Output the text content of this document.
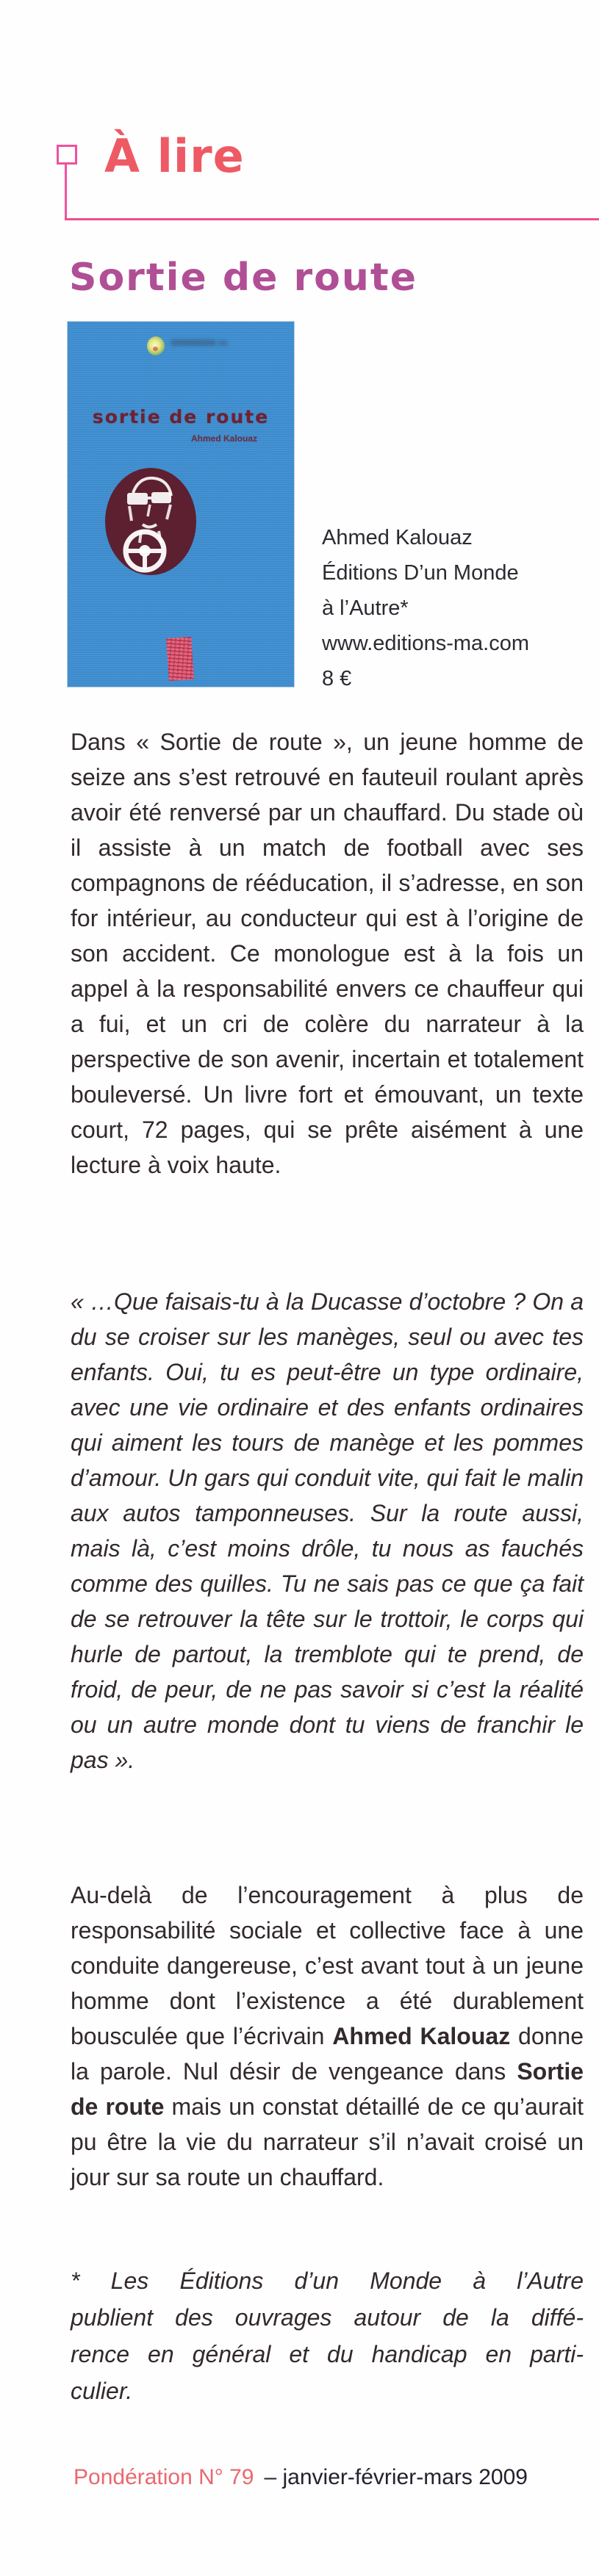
À lire
Sortie de route
sortie de route
Ahmed Kalouaz
Ahmed Kalouaz
Éditions D’un Monde
à l’Autre*
www.editions-ma.com
8 €

Dans « Sortie de route », un jeune homme de seize ans s’est retrouvé en fauteuil roulant après avoir été renversé par un chauffard. Du stade où il assiste à un match de football avec ses compagnons de rééducation, il s’adresse, en son for intérieur, au conducteur qui est à l’origine de son accident. Ce monologue est à la fois un appel à la responsabilité envers ce chauffeur qui a fui, et un cri de colère du narrateur à la perspective de son avenir, incertain et totalement bouleversé. Un livre fort et émouvant, un texte court, 72 pages, qui se prête aisément à une lecture à voix haute.

« …Que faisais-tu à la Ducasse d’octobre ? On a du se croiser sur les manèges, seul ou avec tes enfants. Oui, tu es peut-être un type ordinaire, avec une vie ordinaire et des enfants ordinaires qui aiment les tours de manège et les pommes d’amour. Un gars qui conduit vite, qui fait le malin aux autos tamponneuses. Sur la route aussi, mais là, c’est moins drôle, tu nous as fauchés comme des quilles. Tu ne sais pas ce que ça fait de se retrouver la tête sur le trottoir, le corps qui hurle de partout, la tremblote qui te prend, de froid, de peur, de ne pas savoir si c’est la réalité ou un autre monde dont tu viens de franchir le pas ».

Au-delà de l’encouragement à plus de responsabilité sociale et collective face à une conduite dangereuse, c’est avant tout à un jeune homme dont l’existence a été durablement bousculée que l’écrivain Ahmed Kalouaz donne la parole. Nul désir de vengeance dans Sortie de route mais un constat détaillé de ce qu’aurait pu être la vie du narrateur s’il n’avait croisé un jour sur sa route un chauffard.

* Les Éditions d’un Monde à l’Autre
publient des ouvrages autour de la diffé-
rence en général et du handicap en parti-
culier.
Pondération N° 79 – janvier-février-mars 2009
